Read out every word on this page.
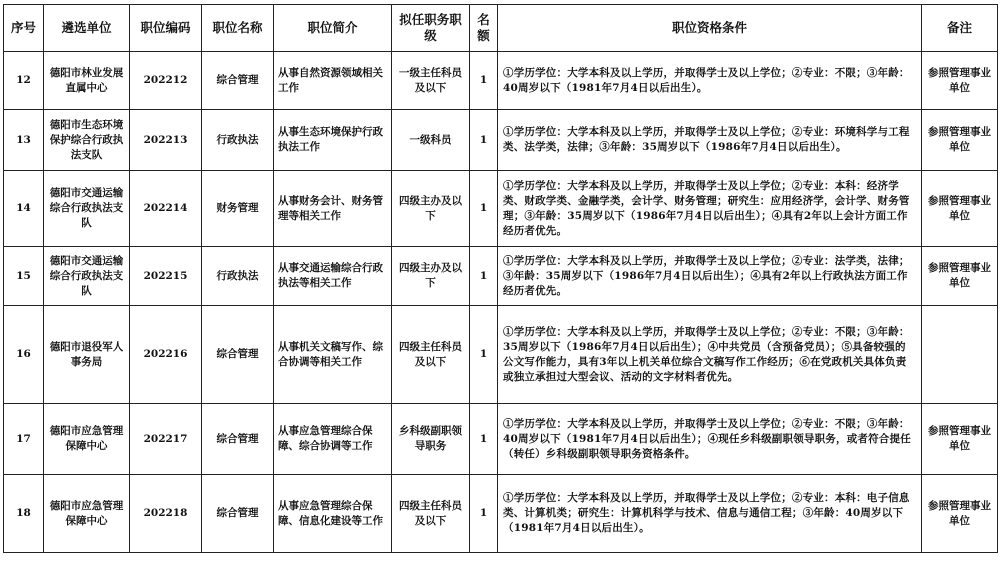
序号	遴选单位	职位编码	职位名称	职位简介	拟任职务职级	名额	职位资格条件	备注
12	德阳市林业发展直属中心	202212	综合管理	从事自然资源领域相关工作	一级主任科员及以下	1	①学历学位：大学本科及以上学历，并取得学士及以上学位；②专业：不限；③年龄：40周岁以下（1981年7月4日以后出生）。	参照管理事业单位
13	德阳市生态环境保护综合行政执法支队	202213	行政执法	从事生态环境保护行政执法工作	一级科员	1	①学历学位：大学本科及以上学历，并取得学士及以上学位；②专业：环境科学与工程类、法学类，法律；③年龄：35周岁以下（1986年7月4日以后出生）。	参照管理事业单位
14	德阳市交通运输综合行政执法支队	202214	财务管理	从事财务会计、财务管理等相关工作	四级主办及以下	1	①学历学位：大学本科及以上学历，并取得学士及以上学位；②专业：本科：经济学类、财政学类、金融学类，会计学、财务管理；研究生：应用经济学，会计学、财务管理；③年龄：35周岁以下（1986年7月4日以后出生）；④具有2年以上会计方面工作经历者优先。	参照管理事业单位
15	德阳市交通运输综合行政执法支队	202215	行政执法	从事交通运输综合行政执法等相关工作	四级主办及以下	1	①学历学位：大学本科及以上学历，并取得学士及以上学位；②专业：法学类，法律；③年龄：35周岁以下（1986年7月4日以后出生）；④具有2年以上行政执法方面工作经历者优先。	参照管理事业单位
16	德阳市退役军人事务局	202216	综合管理	从事机关文稿写作、综合协调等相关工作	四级主任科员及以下	1	①学历学位：大学本科及以上学历，并取得学士及以上学位；②专业：不限；③年龄：35周岁以下（1986年7月4日以后出生）；④中共党员（含预备党员）；⑤具备较强的公文写作能力，具有3年以上机关单位综合文稿写作工作经历；⑥在党政机关具体负责或独立承担过大型会议、活动的文字材料者优先。	
17	德阳市应急管理保障中心	202217	综合管理	从事应急管理综合保障、综合协调等工作	乡科级副职领导职务	1	①学历学位：大学本科及以上学历，并取得学士及以上学位；②专业：不限；③年龄：40周岁以下（1981年7月4日以后出生）；④现任乡科级副职领导职务，或者符合提任（转任）乡科级副职领导职务资格条件。	参照管理事业单位
18	德阳市应急管理保障中心	202218	综合管理	从事应急管理综合保障、信息化建设等工作	四级主任科员及以下	1	①学历学位：大学本科及以上学历，并取得学士及以上学位；②专业：本科：电子信息类、计算机类；研究生：计算机科学与技术、信息与通信工程；③年龄：40周岁以下（1981年7月4日以后出生）。	参照管理事业单位
